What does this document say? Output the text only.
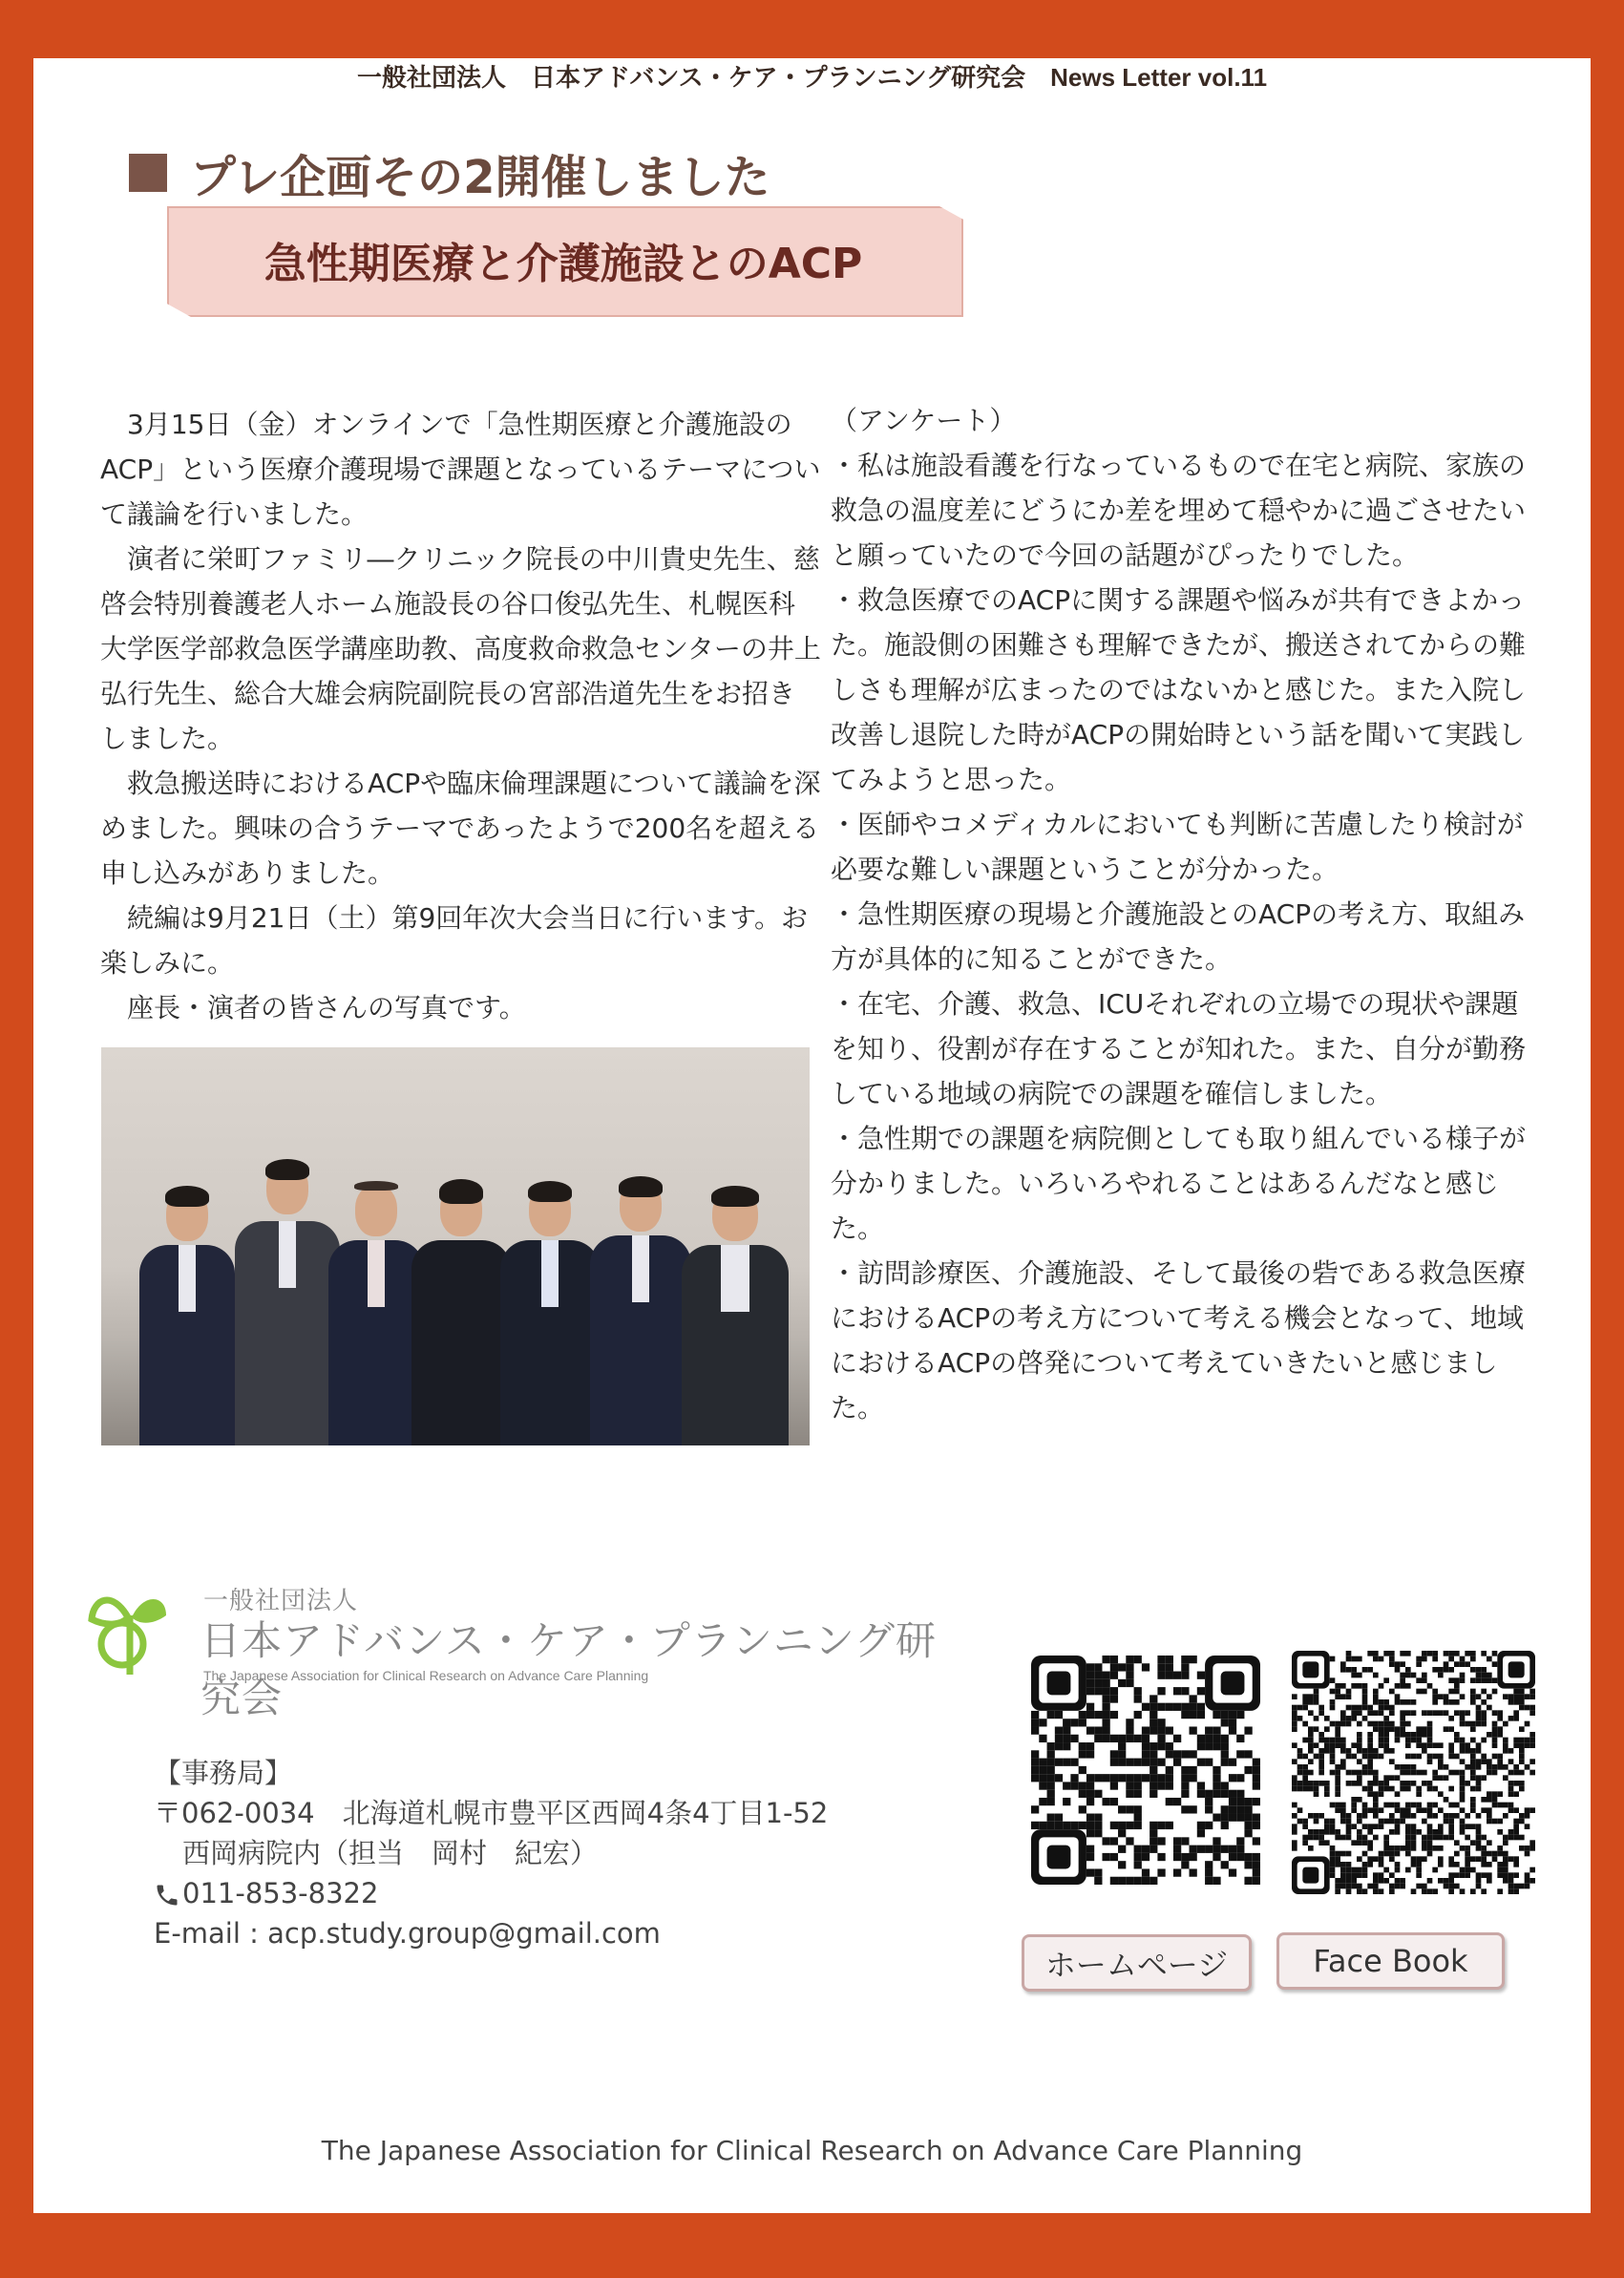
一般社団法人　日本アドバンス・ケア・プランニング研究会　News Letter vol.11
プレ企画その2開催しました
急性期医療と介護施設とのACP

3月15日（金）オンラインで「急性期医療と介護施設のACP」という医療介護現場で課題となっているテーマについて議論を行いました。

演者に栄町ファミリ―クリニック院長の中川貴史先生、慈啓会特別養護老人ホーム施設長の谷口俊弘先生、札幌医科大学医学部救急医学講座助教、高度救命救急センターの井上弘行先生、総合大雄会病院副院長の宮部浩道先生をお招きしました。

救急搬送時におけるACPや臨床倫理課題について議論を深めました。興味の合うテーマであったようで200名を超える申し込みがありました。

続編は9月21日（土）第9回年次大会当日に行います。お楽しみに。

座長・演者の皆さんの写真です。

（アンケート）
・私は施設看護を行なっているもので在宅と病院、家族の救急の温度差にどうにか差を埋めて穏やかに過ごさせたいと願っていたので今回の話題がぴったりでした。
・救急医療でのACPに関する課題や悩みが共有できよかった。施設側の困難さも理解できたが、搬送されてからの難しさも理解が広まったのではないかと感じた。また入院し改善し退院した時がACPの開始時という話を聞いて実践してみようと思った。
・医師やコメディカルにおいても判断に苦慮したり検討が必要な難しい課題ということが分かった。
・急性期医療の現場と介護施設とのACPの考え方、取組み方が具体的に知ることができた。
・在宅、介護、救急、ICUそれぞれの立場での現状や課題を知り、役割が存在することが知れた。また、自分が勤務している地域の病院での課題を確信しました。
・急性期での課題を病院側としても取り組んでいる様子が分かりました。いろいろやれることはあるんだなと感じた。
・訪問診療医、介護施設、そして最後の砦である救急医療におけるACPの考え方について考える機会となって、地域におけるACPの啓発について考えていきたいと感じました。
一般社団法人
日本アドバンス・ケア・プランニング研究会
The Japanese Association for Clinical Research on Advance Care Planning
【事務局】
〒062-0034　北海道札幌市豊平区西岡4条4丁目1-52
西岡病院内（担当　岡村　紀宏）
011-853-8322
E-mail : acp.study.group@gmail.com
ホームページ	Face Book
The Japanese Association for Clinical Research on Advance Care Planning
